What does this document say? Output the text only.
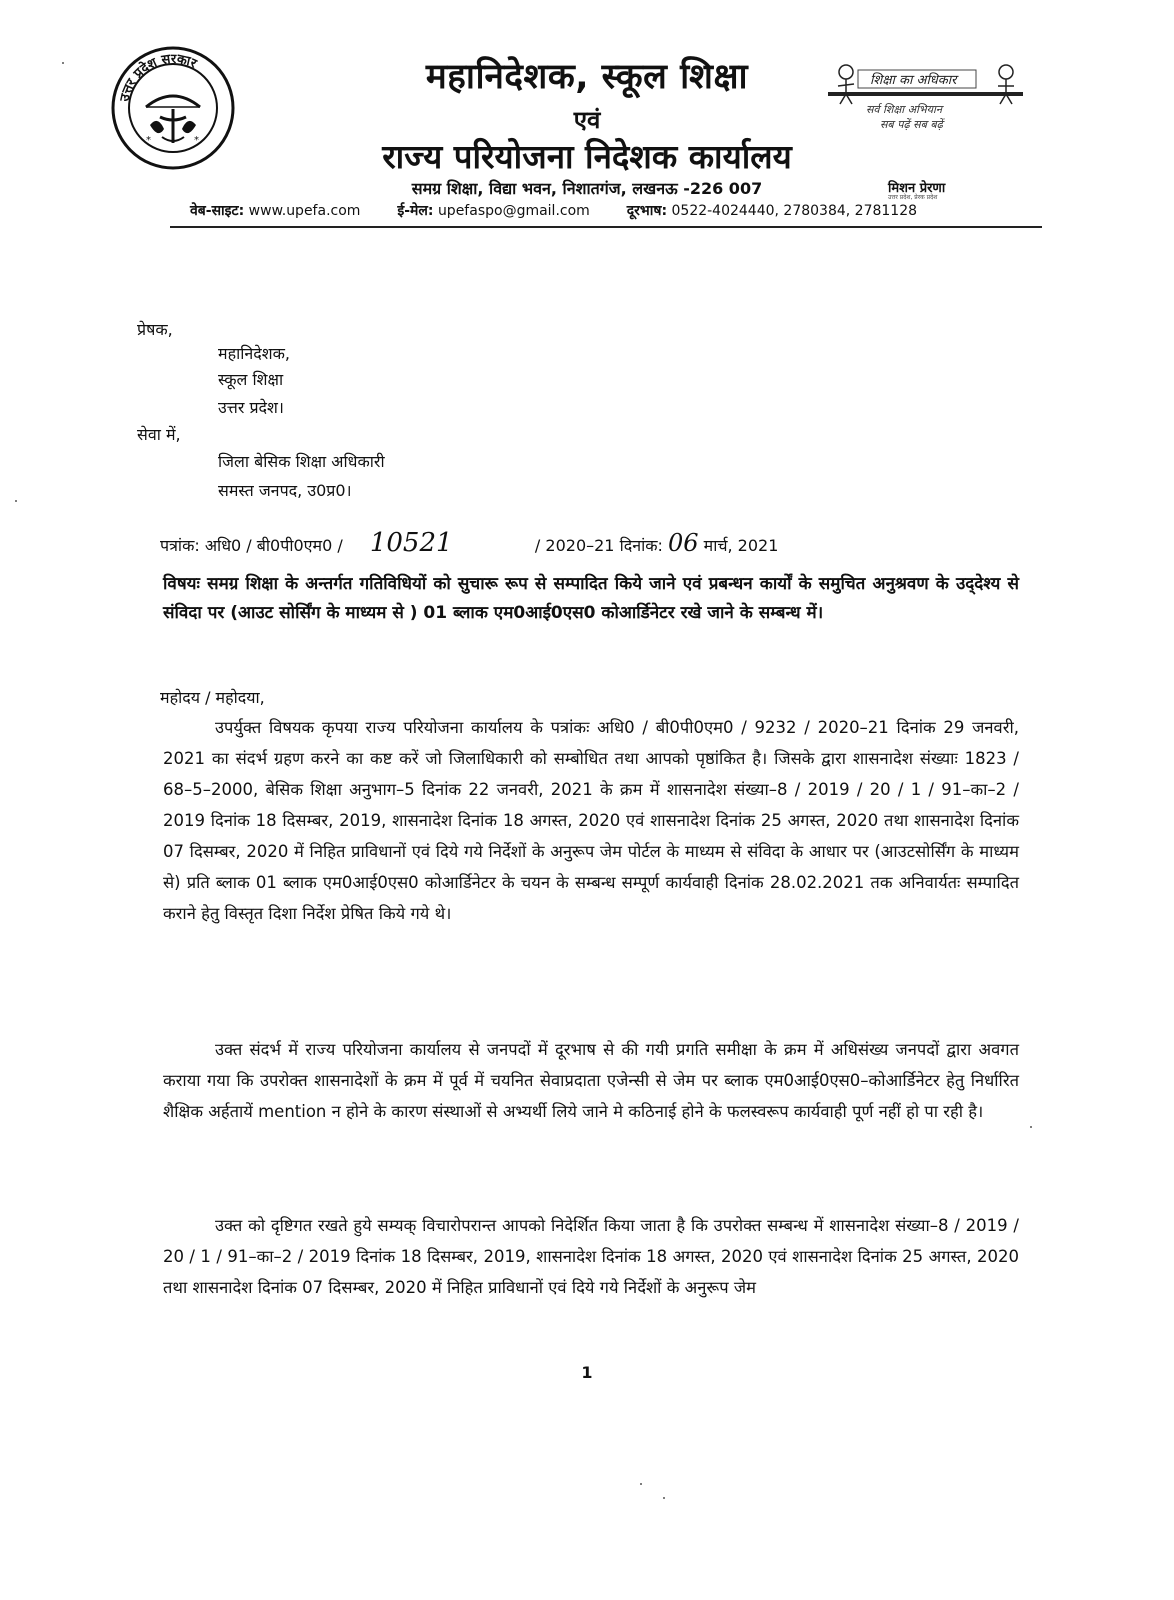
उत्तर प्रदेश सरकार
*	*
महानिदेशक, स्कूल शिक्षा
एवं
राज्य परियोजना निदेशक कार्यालय
समग्र शिक्षा, विद्या भवन, निशातगंज, लखनऊ -226 007
वेब-साइट: www.upefa.com	ई-मेल: upefaspo@gmail.com	दूरभाष: 0522-4024440, 2780384, 2781128
शिक्षा का अधिकार
सर्व शिक्षा अभियान
सब पढ़ें सब बढ़ें
मिशन प्रेरणा
उत्तर प्रदेश, प्रेरक प्रदेश
प्रेषक,
महानिदेशक,
स्कूल शिक्षा
उत्तर प्रदेश।
सेवा में,
जिला बेसिक शिक्षा अधिकारी
समस्त जनपद, उ0प्र0।
पत्रांक: अधि0 / बी0पी0एम0 / 10521	/ 2020–21 दिनांक: 06 मार्च, 2021
विषयः समग्र शिक्षा के अन्तर्गत गतिविधियों को सुचारू रूप से सम्पादित किये जाने एवं प्रबन्धन कार्यों के समुचित अनुश्रवण के उद्‌देश्य से संविदा पर (आउट सोर्सिंग के माध्यम से ) 01 ब्लाक एम0आई0एस0 कोआर्डिनेटर रखे जाने के सम्बन्ध में।
महोदय / महोदया,
उपर्युक्त विषयक कृपया राज्य परियोजना कार्यालय के पत्रांकः अधि0 / बी0पी0एम0 / 9232 / 2020–21 दिनांक 29 जनवरी, 2021 का संदर्भ ग्रहण करने का कष्ट करें जो जिलाधिकारी को सम्बोधित तथा आपको पृष्ठांकित है। जिसके द्वारा शासनादेश संख्याः 1823 / 68–5–2000, बेसिक शिक्षा अनुभाग–5 दिनांक 22 जनवरी, 2021 के क्रम में शासनादेश संख्या–8 / 2019 / 20 / 1 / 91–का–2 / 2019 दिनांक 18 दिसम्बर, 2019, शासनादेश दिनांक 18 अगस्त, 2020 एवं शासनादेश दिनांक 25 अगस्त, 2020 तथा शासनादेश दिनांक 07 दिसम्बर, 2020 में निहित प्राविधानों एवं दिये गये निर्देशों के अनुरूप जेम पोर्टल के माध्यम से संविदा के आधार पर (आउटसोर्सिंग के माध्यम से) प्रति ब्लाक 01 ब्लाक एम0आई0एस0 कोआर्डिनेटर के चयन के सम्बन्ध सम्पूर्ण कार्यवाही दिनांक 28.02.2021 तक अनिवार्यतः सम्पादित कराने हेतु विस्तृत दिशा निर्देश प्रेषित किये गये थे।
उक्त संदर्भ में राज्य परियोजना कार्यालय से जनपदों में दूरभाष से की गयी प्रगति समीक्षा के क्रम में अधिसंख्य जनपदों द्वारा अवगत कराया गया कि उपरोक्त शासनादेशों के क्रम में पूर्व में चयनित सेवाप्रदाता एजेन्सी से जेम पर ब्लाक एम0आई0एस0–कोआर्डिनेटर हेतु निर्धारित शैक्षिक अर्हतायें mention न होने के कारण संस्थाओं से अभ्यर्थी लिये जाने मे कठिनाई होने के फलस्वरूप कार्यवाही पूर्ण नहीं हो पा रही है।
उक्त को दृष्टिगत रखते हुये सम्यक् विचारोपरान्त आपको निदेर्शित किया जाता है कि उपरोक्त सम्बन्ध में शासनादेश संख्या–8 / 2019 / 20 / 1 / 91–का–2 / 2019 दिनांक 18 दिसम्बर, 2019, शासनादेश दिनांक 18 अगस्त, 2020 एवं शासनादेश दिनांक 25 अगस्त, 2020 तथा शासनादेश दिनांक 07 दिसम्बर, 2020 में निहित प्राविधानों एवं दिये गये निर्देशों के अनुरूप जेम
1
